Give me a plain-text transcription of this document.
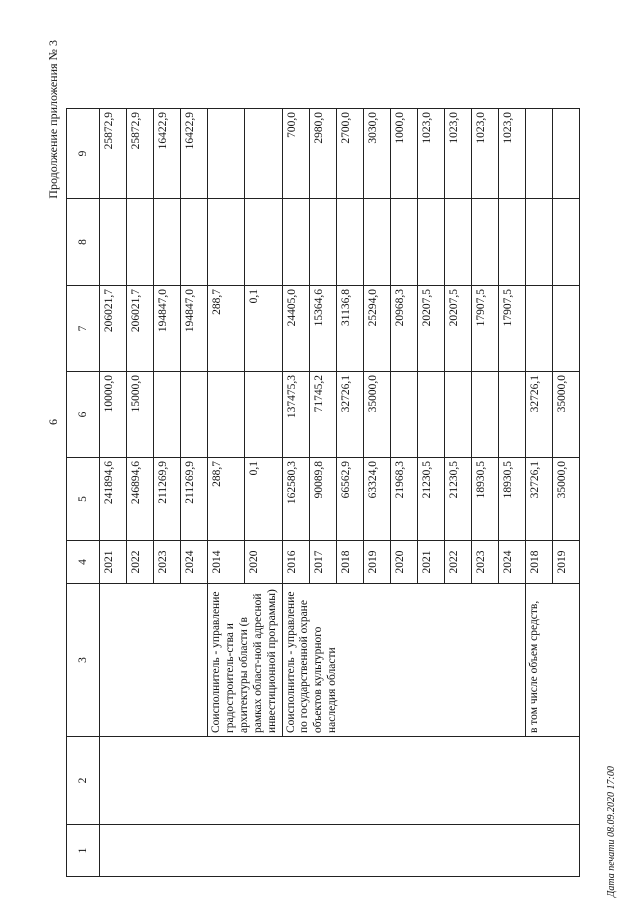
6
Продолжение приложения № 3
Дата печати 08.09.2020 17:00
1	2	3	4	5	6	7	8	9
			2021	241894,6	10000,0	206021,7		25872,9
			2022	246894,6	15000,0	206021,7		25872,9
			2023	211269,9		194847,0		16422,9
			2024	211269,9		194847,0		16422,9
		Соисполнитель - управление градостроитель-ства и архитектуры области (в рамках област-ной адресной инвестиционной программы)	2014	288,7		288,7		
			2020	0,1		0,1		
		Соисполнитель - управление по государственной охране объектов культурного наследия области	2016	162580,3	137475,3	24405,0		700,0
			2017	90089,8	71745,2	15364,6		2980,0
			2018	66562,9	32726,1	31136,8		2700,0
			2019	63324,0	35000,0	25294,0		3030,0
			2020	21968,3		20968,3		1000,0
			2021	21230,5		20207,5		1023,0
			2022	21230,5		20207,5		1023,0
			2023	18930,5		17907,5		1023,0
			2024	18930,5		17907,5		1023,0
		в том числе объем средств,	2018	32726,1	32726,1			
			2019	35000,0	35000,0			
